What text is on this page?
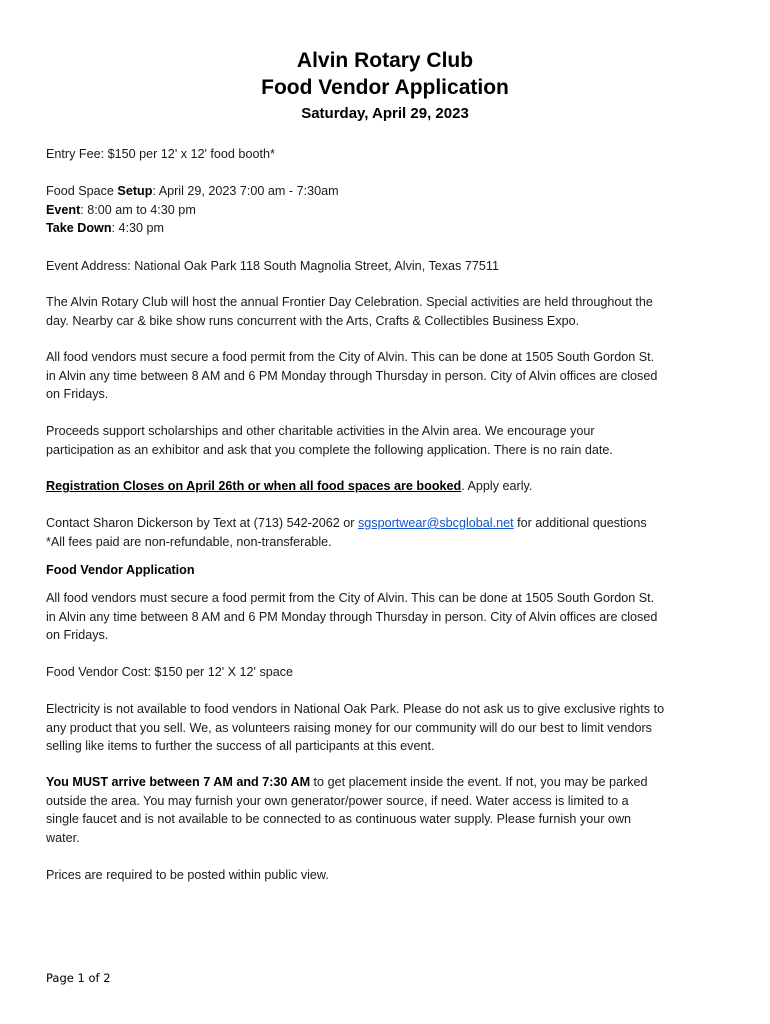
Alvin Rotary Club
Food Vendor Application
Saturday, April 29, 2023
Entry Fee: $150 per 12' x 12' food booth*
Food Space Setup: April 29, 2023 7:00 am - 7:30am
Event: 8:00 am to 4:30 pm
Take Down: 4:30 pm
Event Address: National Oak Park 118 South Magnolia Street, Alvin, Texas 77511
The Alvin Rotary Club will host the annual Frontier Day Celebration. Special activities are held throughout the
day. Nearby car & bike show runs concurrent with the Arts, Crafts & Collectibles Business Expo.
All food vendors must secure a food permit from the City of Alvin. This can be done at 1505 South Gordon St.
in Alvin any time between 8 AM and 6 PM Monday through Thursday in person. City of Alvin offices are closed
on Fridays.
Proceeds support scholarships and other charitable activities in the Alvin area. We encourage your
participation as an exhibitor and ask that you complete the following application. There is no rain date.
Registration Closes on April 26th or when all food spaces are booked. Apply early.
Contact Sharon Dickerson by Text at (713) 542-2062 or sgsportwear@sbcglobal.net for additional questions
*All fees paid are non-refundable, non-transferable.
Food Vendor Application
All food vendors must secure a food permit from the City of Alvin. This can be done at 1505 South Gordon St.
in Alvin any time between 8 AM and 6 PM Monday through Thursday in person. City of Alvin offices are closed
on Fridays.
Food Vendor Cost: $150 per 12' X 12' space
Electricity is not available to food vendors in National Oak Park. Please do not ask us to give exclusive rights to
any product that you sell. We, as volunteers raising money for our community will do our best to limit vendors
selling like items to further the success of all participants at this event.
You MUST arrive between 7 AM and 7:30 AM to get placement inside the event. If not, you may be parked
outside the area. You may furnish your own generator/power source, if need. Water access is limited to a
single faucet and is not available to be connected to as continuous water supply. Please furnish your own
water.
Prices are required to be posted within public view.
Page 1 of 2
